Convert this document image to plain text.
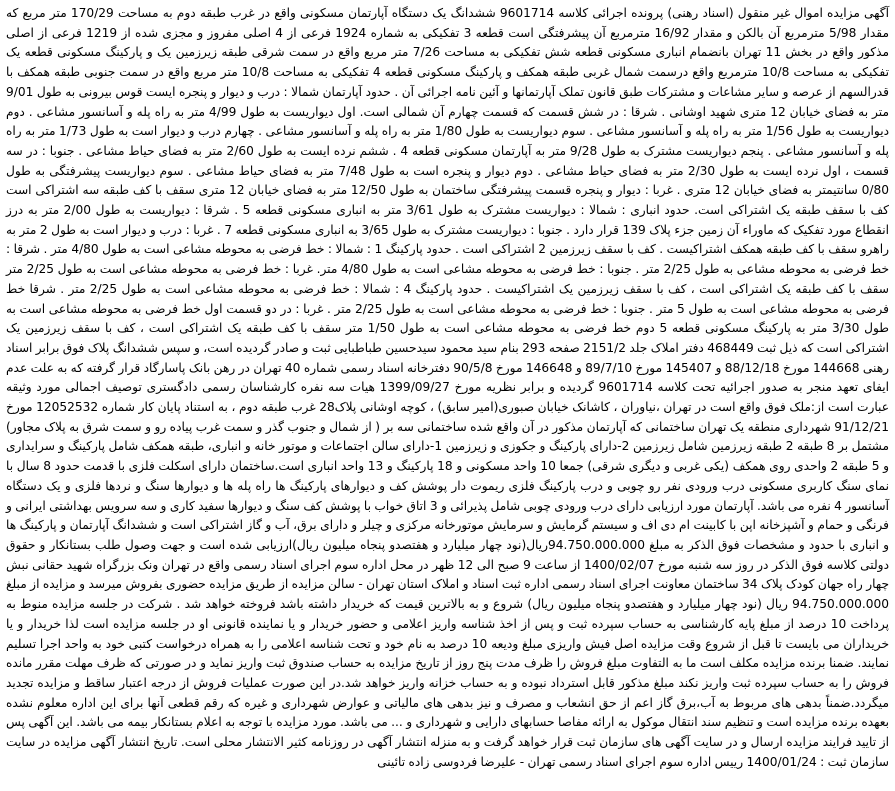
آگهی مزایده اموال غیر منقول (اسناد رهنی) پرونده اجرائی کلاسه 9601714 ششدانگ یک دستگاه آپارتمان مسکونی واقع در غرب طبقه دوم به مساحت 170/29 متر مربع که مقدار 5/98 مترمربع آن بالکن و مقدار 16/92 مترمربع آن پیشرفتگی است قطعه 3 تفکیکی به شماره 1924 فرعی از 4 اصلی مفروز و مجزی شده از 1219 فرعی از اصلی مذکور واقع در بخش 11 تهران بانضمام انباری مسکونی قطعه شش تفکیکی به مساحت 7/26 متر مربع واقع در سمت شرقی طبقه زیرزمین یک و پارکینگ مسکونی قطعه یک تفکیکی به مساحت 10/8 مترمربع واقع درسمت شمال غربی طبقه همکف و پارکینگ مسکونی قطعه 4 تفکیکی به مساحت 10/8 متر مربع واقع در سمت جنوبی طبقه همکف با قدرالسهم از عرصه و سایر مشاعات و مشترکات طبق قانون تملک آپارتمانها و آئین نامه اجرائی آن . حدود آپارتمان شمالا : درب و دیوار و پنجره ایست قوس بیرونی به طول 9/01 متر به فضای خیابان 12 متری شهید اوشانی . شرقا : در شش قسمت که قسمت چهارم آن شمالی است. اول دیواریست به طول 4/99 متر به راه پله و آسانسور مشاعی . دوم دیواریست به طول 1/56 متر به راه پله و آسانسور مشاعی . سوم دیواریست به طول 1/80 متر به راه پله و آسانسور مشاعی . چهارم درب و دیوار است به طول 1/73 متر به راه پله و آسانسور مشاعی . پنجم دیواریست مشترک به طول 9/28 متر به آپارتمان مسکونی قطعه 4 . ششم نرده ایست به طول 2/60 متر به فضای حیاط مشاعی . جنوبا : در سه قسمت ، اول نرده ایست به طول 2/30 متر به فضای حیاط مشاعی . دوم دیوار و پنجره است به طول 7/48 متر به فضای حیاط مشاعی . سوم دیواریست پیشرفتگی به طول 0/80 سانتیمتر به فضای خیابان 12 متری . غربا : دیوار و پنجره قسمت پیشرفتگی ساختمان به طول 12/50 متر به فضای خیابان 12 متری سقف با کف طبقه سه اشتراکی است کف با سقف طبقه یک اشتراکی است. حدود انباری : شمالا : دیواریست مشترک به طول 3/61 متر به انباری مسکونی قطعه 5 . شرقا : دیواریست به طول 2/00 متر به درز انقطاع مورد تفکیک که ماوراء آن زمین جزء پلاک 139 قرار دارد . جنوبا : دیواریست مشترک به طول 3/65 به انباری مسکونی قطعه 7 . غربا : درب و دیوار است به طول 2 متر به راهرو سقف با کف طبقه همکف اشتراکیست . کف با سقف زیرزمین 2 اشتراکی است . حدود پارکینگ 1 : شمالا : خط فرضی به محوطه مشاعی است به طول 4/80 متر . شرقا : خط فرضی به محوطه مشاعی به طول 2/25 متر . جنوبا : خط فرضی به محوطه مشاعی است به طول 4/80 متر. غربا : خط فرضی به محوطه مشاعی است به طول 2/25 متر سقف با کف طبقه یک اشتراکی است ، کف با سقف زیرزمین یک اشتراکیست . حدود پارکینگ 4 : شمالا : خط فرضی به محوطه مشاعی است به طول 2/25 متر . شرقا خط فرضی به محوطه مشاعی است به طول 5 متر . جنوبا : خط فرضی به محوطه مشاعی است به طول 2/25 متر . غربا : در دو قسمت اول خط فرضی به محوطه مشاعی است به طول 3/30 متر به پارکینگ مسکونی قطعه 5 دوم خط فرضی به محوطه مشاعی است به طول 1/50 متر سقف با کف طبقه یک اشتراکی است ، کف با سقف زیرزمین یک اشتراکی است که ذیل ثبت 468449 دفتر املاک جلد 2151/2 صفحه 293 بنام سید محمود سیدحسین طباطبایی ثبت و صادر گردیده است، و سپس ششدانگ پلاک فوق برابر اسناد رهنی 144668 مورخ 88/12/18 و 145407 مورخ 89/7/10 و 146648 مورخ 90/5/8 دفترخانه اسناد رسمی شماره 40 تهران در رهن بانک پاسارگاد قرار گرفته که به علت عدم ایفای تعهد منجر به صدور اجرائیه تحت کلاسه 9601714 گردیده و برابر نظریه مورخ 1399/09/27 هیات سه نفره کارشناسان رسمی دادگستری توصیف اجمالی مورد وثیقه عبارت است از:ملک فوق واقع است در تهران ،نیاوران ، کاشانک خیابان صبوری(امیر سابق) ، کوچه اوشانی پلاک28 غرب طبقه دوم ، به استناد پایان کار شماره 12052532 مورخ 91/12/21 شهرداری منطقه یک تهران ساختمانی که آپارتمان مذکور در آن واقع شده ساختمانی سه بر ( از شمال و جنوب گذر و سمت غرب پیاده رو و سمت شرق به پلاک مجاور) مشتمل بر 8 طبقه 2 طبقه زیرزمین شامل زیرزمین 2-دارای پارکینگ و جکوزی و زیرزمین 1-دارای سالن اجتماعات و موتور خانه و انباری، طبقه همکف شامل پارکینگ و سرایداری و 5 طبقه 2 واحدی روی همکف (یکی غربی و دیگری شرقی) جمعا 10 واحد مسکونی و 18 پارکینگ و 13 واحد انباری است.ساختمان دارای اسکلت فلزی با قدمت حدود 8 سال با نمای سنگ کاربری مسکونی درب ورودی نفر رو چوبی و درب پارکینگ فلزی ریموت دار پوشش کف و دیوارهای پارکینگ ها راه پله ها و دیوارها سنگ و نردها فلزی و یک دستگاه آسانسور 4 نفره می باشد. آپارتمان مورد ارزیابی دارای درب ورودی چوبی شامل پذیرائی و 3 اتاق خواب با پوشش کف سنگ و دیوارها سفید کاری و سه سرویس بهداشتی ایرانی و فرنگی و حمام و آشپزخانه اپن با کابینت ام دی اف و سیستم گرمایش و سرمایش موتورخانه مرکزی و چیلر و دارای برق، آب و گاز اشتراکی است و ششدانگ آپارتمان و پارکینگ ها و انباری با حدود و مشخصات فوق الذکر به مبلغ 94.750.000.000ریال(نود چهار میلیارد و هفتصدو پنجاه میلیون ریال)ارزیابی شده است و جهت وصول طلب بستانکار و حقوق دولتی کلاسه فوق الذکر در روز سه شنبه مورخ 1400/02/07 از ساعت 9 صبح الی 12 ظهر در محل اداره سوم اجرای اسناد رسمی واقع در تهران ونک بزرگراه شهید حقانی نبش چهار راه جهان کودک پلاک 34 ساختمان معاونت اجرای اسناد رسمی اداره ثبت اسناد و املاک استان تهران - سالن مزایده از طریق مزایده حضوری بفروش میرسد و مزایده از مبلغ 94.750.000.000 ریال (نود چهار میلیارد و هفتصدو پنجاه میلیون ریال) شروع و به بالاترین قیمت که خریدار داشته باشد فروخته خواهد شد . شرکت در جلسه مزایده منوط به پرداخت 10 درصد از مبلغ پایه کارشناسی به حساب سپرده ثبت و پس از اخذ شناسه واریز اعلامی و حضور خریدار و یا نماینده قانونی او در جلسه مزایده است لذا خریدار و یا خریداران می بایست تا قبل از شروع وقت مزایده اصل فیش واریزی مبلغ ودیعه 10 درصد به نام خود و تحت شناسه اعلامی را به همراه درخواست کتبی خود به واحد اجرا تسلیم نمایند. ضمنا برنده مزایده مکلف است ما به التفاوت مبلغ فروش را ظرف مدت پنج روز از تاریخ مزایده به حساب صندوق ثبت واریز نماید و در صورتی که ظرف مهلت مقرر مانده فروش را به حساب سپرده ثبت واریز نکند مبلغ مذکور قابل استرداد نبوده و به حساب خزانه واریز خواهد شد.در این صورت عملیات فروش از درجه اعتبار ساقط و مزایده تجدید میگردد.ضمناً بدهی های مربوط به آب،برق گاز اعم از حق انشعاب و مصرف و نیز بدهی های مالیاتی و عوارض شهرداری و غیره که رقم قطعی آنها برای این اداره معلوم نشده بعهده برنده مزایده است و تنظیم سند انتقال موکول به ارائه مفاصا حسابهای دارایی و شهرداری و ... می باشد. مورد مزایده با توجه به اعلام بستانکار بیمه می باشد. این آگهی پس از تایید فرایند مزایده ارسال و در سایت آگهی های سازمان ثبت قرار خواهد گرفت و به منزله انتشار آگهی در روزنامه کثیر الانتشار محلی است. تاریخ انتشار آگهی مزایده در سایت سازمان ثبت : 1400/01/24 رییس اداره سوم اجرای اسناد رسمی تهران - علیرضا فردوسی زاده تائینی
